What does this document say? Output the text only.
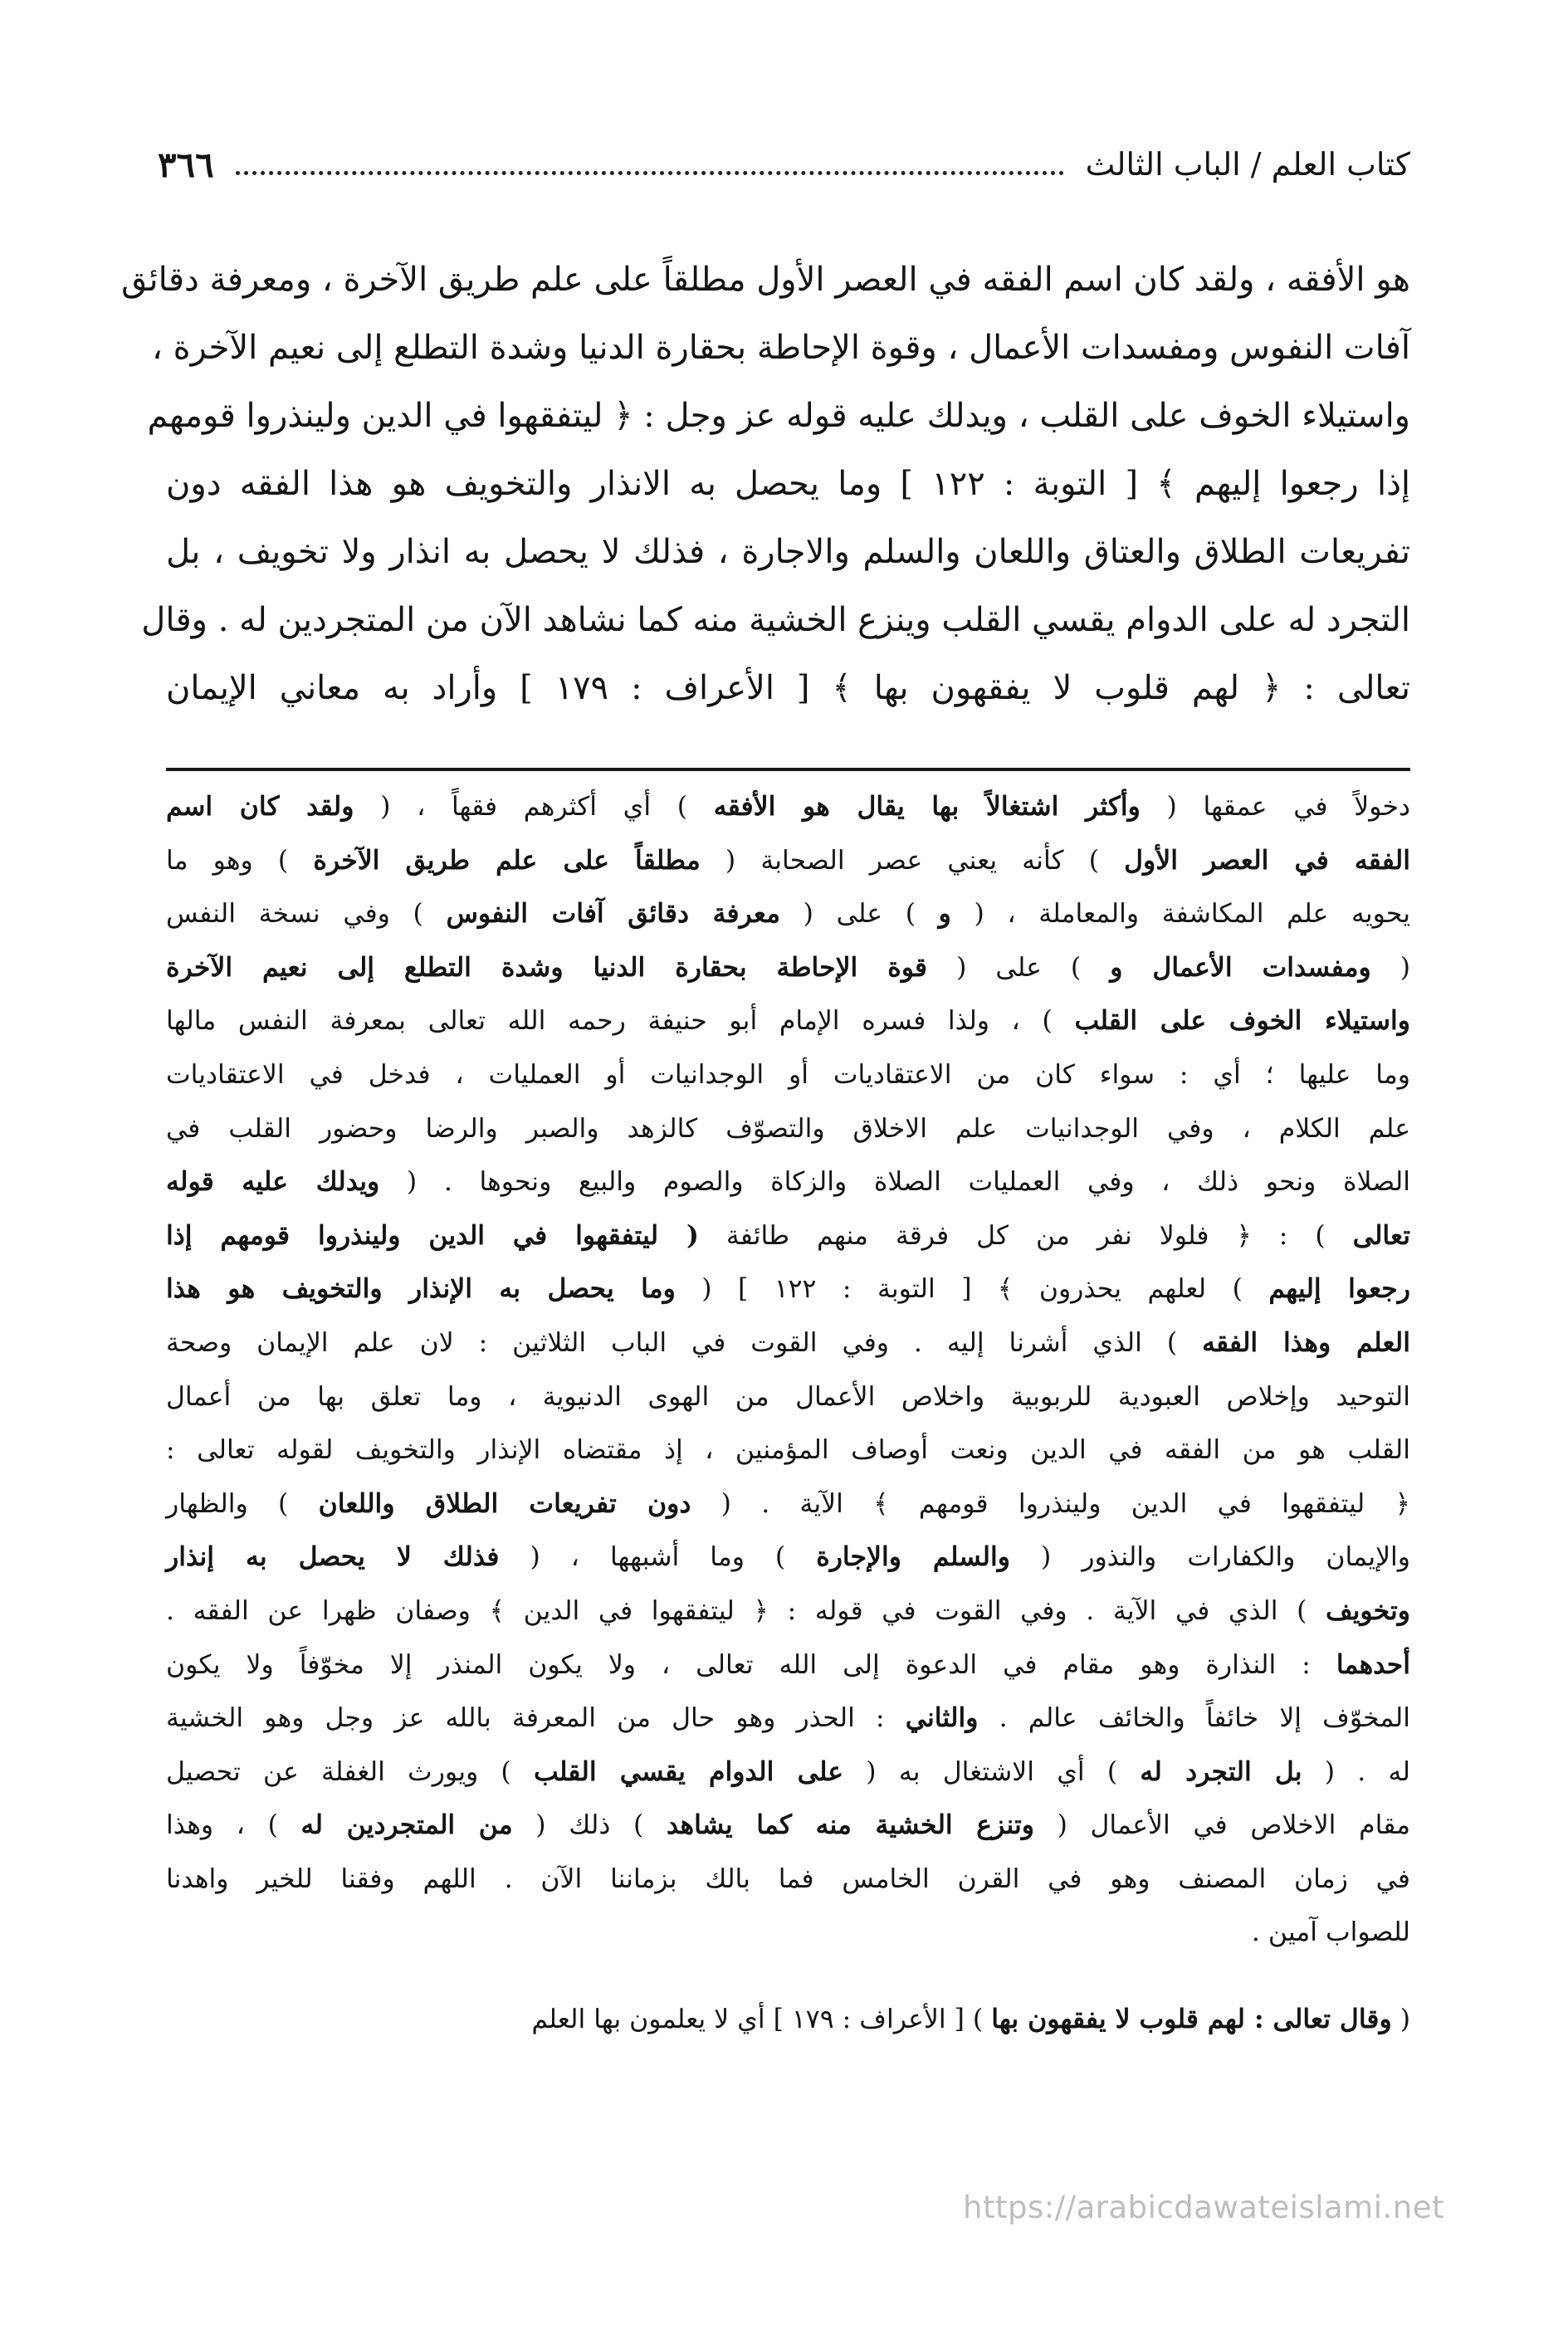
٣٦٦	كتاب العلم / الباب الثالث
هو الأفقه ، ولقد كان اسم الفقه في العصر الأول مطلقاً على علم طريق الآخرة ، ومعرفة دقائق
آفات النفوس ومفسدات الأعمال ، وقوة الإحاطة بحقارة الدنيا وشدة التطلع إلى نعيم الآخرة ،
واستيلاء الخوف على القلب ، ويدلك عليه قوله عز وجل : ﴿ ليتفقهوا في الدين ولينذروا قومهم
إذا رجعوا إليهم ﴾ [ التوبة : ١٢٢ ] وما يحصل به الانذار والتخويف هو هذا الفقه دون
تفريعات الطلاق والعتاق واللعان والسلم والاجارة ، فذلك لا يحصل به انذار ولا تخويف ، بل
التجرد له على الدوام يقسي القلب وينزع الخشية منه كما نشاهد الآن من المتجردين له . وقال
تعالى : ﴿ لهم قلوب لا يفقهون بها ﴾ [ الأعراف : ١٧٩ ] وأراد به معاني الإيمان
دخولاً في عمقها ( وأكثر اشتغالاً بها يقال هو الأفقه ) أي أكثرهم فقهاً ، ( ولقد كان اسم
الفقه في العصر الأول ) كأنه يعني عصر الصحابة ( مطلقاً على علم طريق الآخرة ) وهو ما
يحويه علم المكاشفة والمعاملة ، ( و ) على ( معرفة دقائق آفات النفوس ) وفي نسخة النفس
( ومفسدات الأعمال و ) على ( قوة الإحاطة بحقارة الدنيا وشدة التطلع إلى نعيم الآخرة
واستيلاء الخوف على القلب ) ، ولذا فسره الإمام أبو حنيفة رحمه الله تعالى بمعرفة النفس مالها
وما عليها ؛ أي : سواء كان من الاعتقاديات أو الوجدانيات أو العمليات ، فدخل في الاعتقاديات
علم الكلام ، وفي الوجدانيات علم الاخلاق والتصوّف كالزهد والصبر والرضا وحضور القلب في
الصلاة ونحو ذلك ، وفي العمليات الصلاة والزكاة والصوم والبيع ونحوها . ( ويدلك عليه قوله
تعالى ) : ﴿ فلولا نفر من كل فرقة منهم طائفة ( ليتفقهوا في الدين ولينذروا قومهم إذا
رجعوا إليهم ) لعلهم يحذرون ﴾ [ التوبة : ١٢٢ ] ( وما يحصل به الإنذار والتخويف هو هذا
العلم وهذا الفقه ) الذي أشرنا إليه . وفي القوت في الباب الثلاثين : لان علم الإيمان وصحة
التوحيد وإخلاص العبودية للربوبية واخلاص الأعمال من الهوى الدنيوية ، وما تعلق بها من أعمال
القلب هو من الفقه في الدين ونعت أوصاف المؤمنين ، إذ مقتضاه الإنذار والتخويف لقوله تعالى :
﴿ ليتفقهوا في الدين ولينذروا قومهم ﴾ الآية . ( دون تفريعات الطلاق واللعان ) والظهار
والإيمان والكفارات والنذور ( والسلم والإجارة ) وما أشبهها ، ( فذلك لا يحصل به إنذار
وتخويف ) الذي في الآية . وفي القوت في قوله : ﴿ ليتفقهوا في الدين ﴾ وصفان ظهرا عن الفقه .
أحدهما : النذارة وهو مقام في الدعوة إلى الله تعالى ، ولا يكون المنذر إلا مخوّفاً ولا يكون
المخوّف إلا خائفاً والخائف عالم . والثاني : الحذر وهو حال من المعرفة بالله عز وجل وهو الخشية
له . ( بل التجرد له ) أي الاشتغال به ( على الدوام يقسي القلب ) ويورث الغفلة عن تحصيل
مقام الاخلاص في الأعمال ( وتنزع الخشية منه كما يشاهد ) ذلك ( من المتجردين له ) ، وهذا
في زمان المصنف وهو في القرن الخامس فما بالك بزماننا الآن . اللهم وفقنا للخير واهدنا
للصواب آمين .
( وقال تعالى : لهم قلوب لا يفقهون بها ) [ الأعراف : ١٧٩ ] أي لا يعلمون بها العلم
https://arabicdawateislami.net
